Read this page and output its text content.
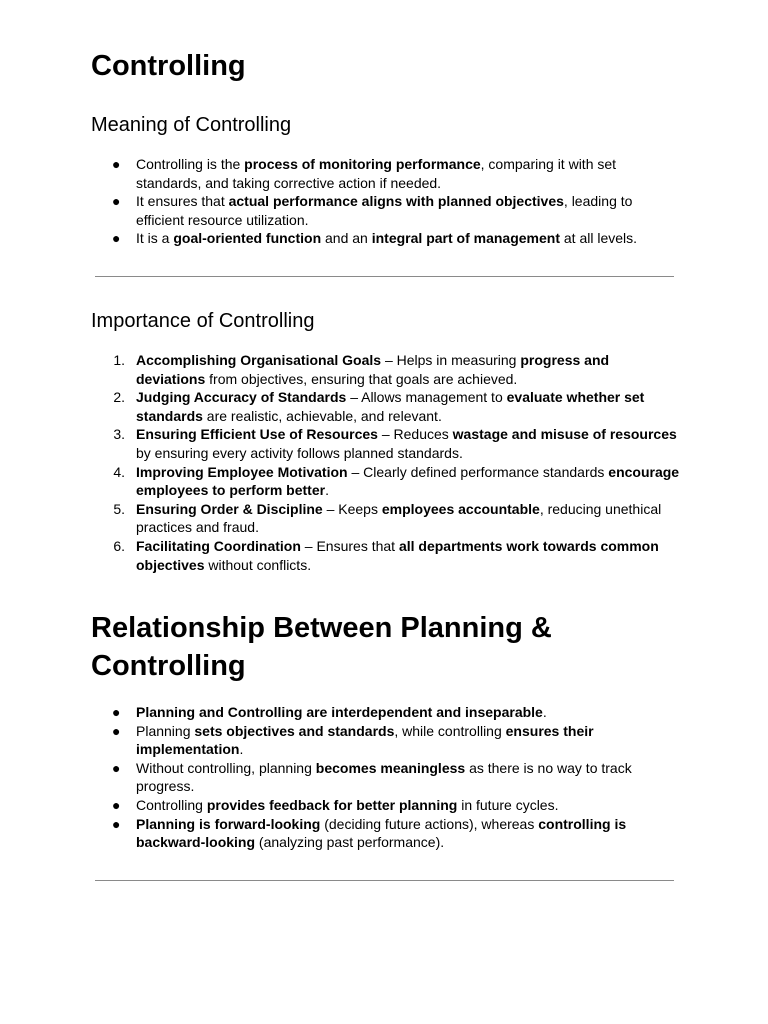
Controlling
Meaning of Controlling
● Controlling is the process of monitoring performance, comparing it with set standards, and taking corrective action if needed.
● It ensures that actual performance aligns with planned objectives, leading to efficient resource utilization.
● It is a goal-oriented function and an integral part of management at all levels.
Importance of Controlling
1. Accomplishing Organisational Goals – Helps in measuring progress and deviations from objectives, ensuring that goals are achieved.
2. Judging Accuracy of Standards – Allows management to evaluate whether set standards are realistic, achievable, and relevant.
3. Ensuring Efficient Use of Resources – Reduces wastage and misuse of resources by ensuring every activity follows planned standards.
4. Improving Employee Motivation – Clearly defined performance standards encourage employees to perform better.
5. Ensuring Order & Discipline – Keeps employees accountable, reducing unethical practices and fraud.
6. Facilitating Coordination – Ensures that all departments work towards common objectives without conflicts.
Relationship Between Planning & Controlling
● Planning and Controlling are interdependent and inseparable.
● Planning sets objectives and standards, while controlling ensures their implementation.
● Without controlling, planning becomes meaningless as there is no way to track progress.
● Controlling provides feedback for better planning in future cycles.
● Planning is forward-looking (deciding future actions), whereas controlling is backward-looking (analyzing past performance).
